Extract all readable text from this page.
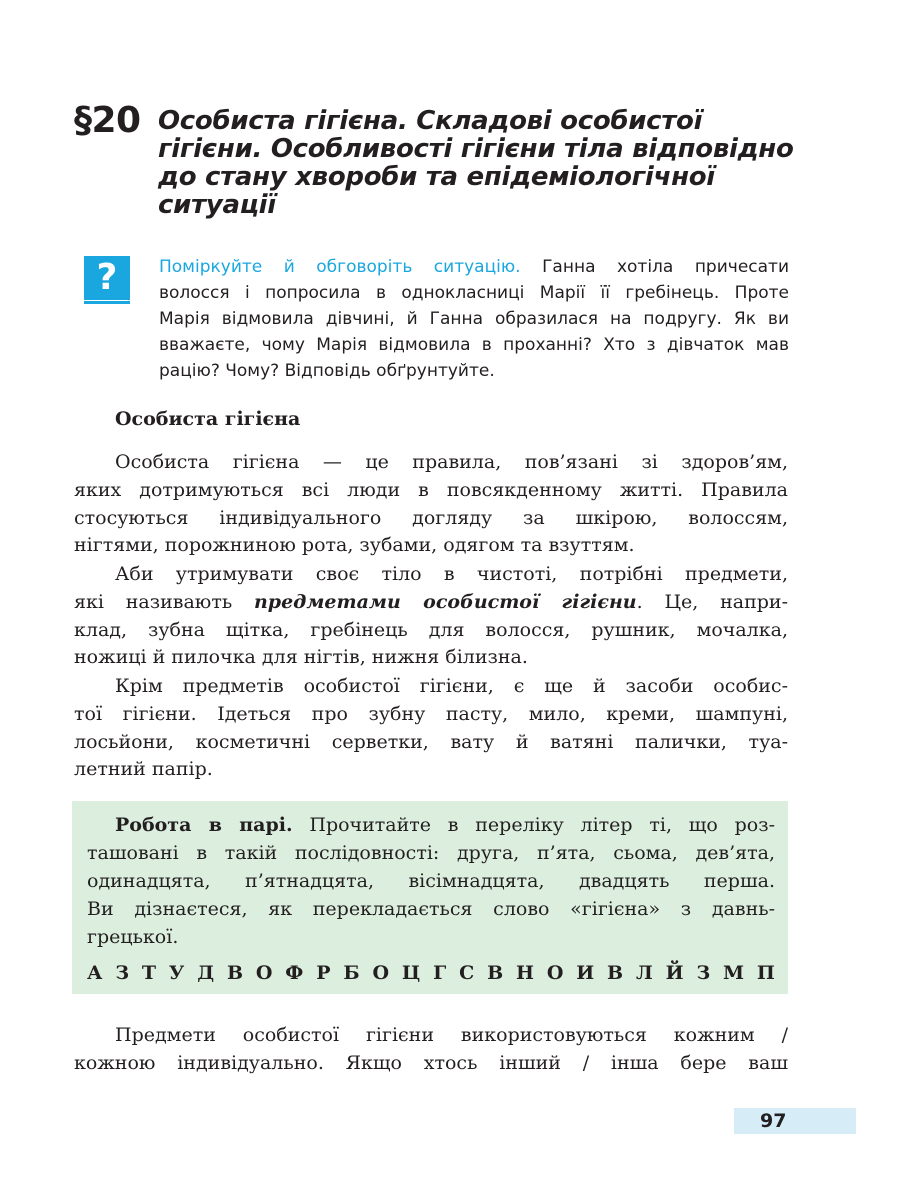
§20 Особиста гігієна. Складові особистої
гігієни. Особливості гігієни тіла відповідно
до стану хвороби та епідеміологічної
ситуації
?	Поміркуйте й обговоріть ситуацію. Ганна хотіла причесати
волосся і попросила в однокласниці Марії її гребінець. Проте
Марія відмовила дівчині, й Ганна образилася на подругу. Як ви
вважаєте, чому Марія відмовила в проханні? Хто з дівчаток мав
рацію? Чому? Відповідь обґрунтуйте.
Особиста гігієна
Особиста гігієна — це правила, пов’язані зі здоров’ям,
яких дотримуються всі люди в повсякденному житті. Правила
стосуються індивідуального догляду за шкірою, волоссям,
нігтями, порожниною рота, зубами, одягом та взуттям.
Аби утримувати своє тіло в чистоті, потрібні предмети,
які називають предметами особистої гігієни. Це, напри-
клад, зубна щітка, гребінець для волосся, рушник, мочалка,
ножиці й пилочка для нігтів, нижня білизна.
Крім предметів особистої гігієни, є ще й засоби особис-
тої гігієни. Ідеться про зубну пасту, мило, креми, шампуні,
лосьйони, косметичні серветки, вату й ватяні палички, туа-
летний папір.
Робота в парі. Прочитайте в переліку літер ті, що роз-
ташовані в такій послідовності: друга, п’ята, сьома, дев’ята,
одинадцята, п’ятнадцята, вісімнадцята, двадцять перша.
Ви дізнаєтеся, як перекладається слово «гігієна» з давнь-
грецької.
А З Т У Д В О Ф Р Б О Ц Г С В Н О И В Л Й З М П
Предмети особистої гігієни використовуються кожним /
кожною індивідуально. Якщо хтось інший / інша бере ваш
97
